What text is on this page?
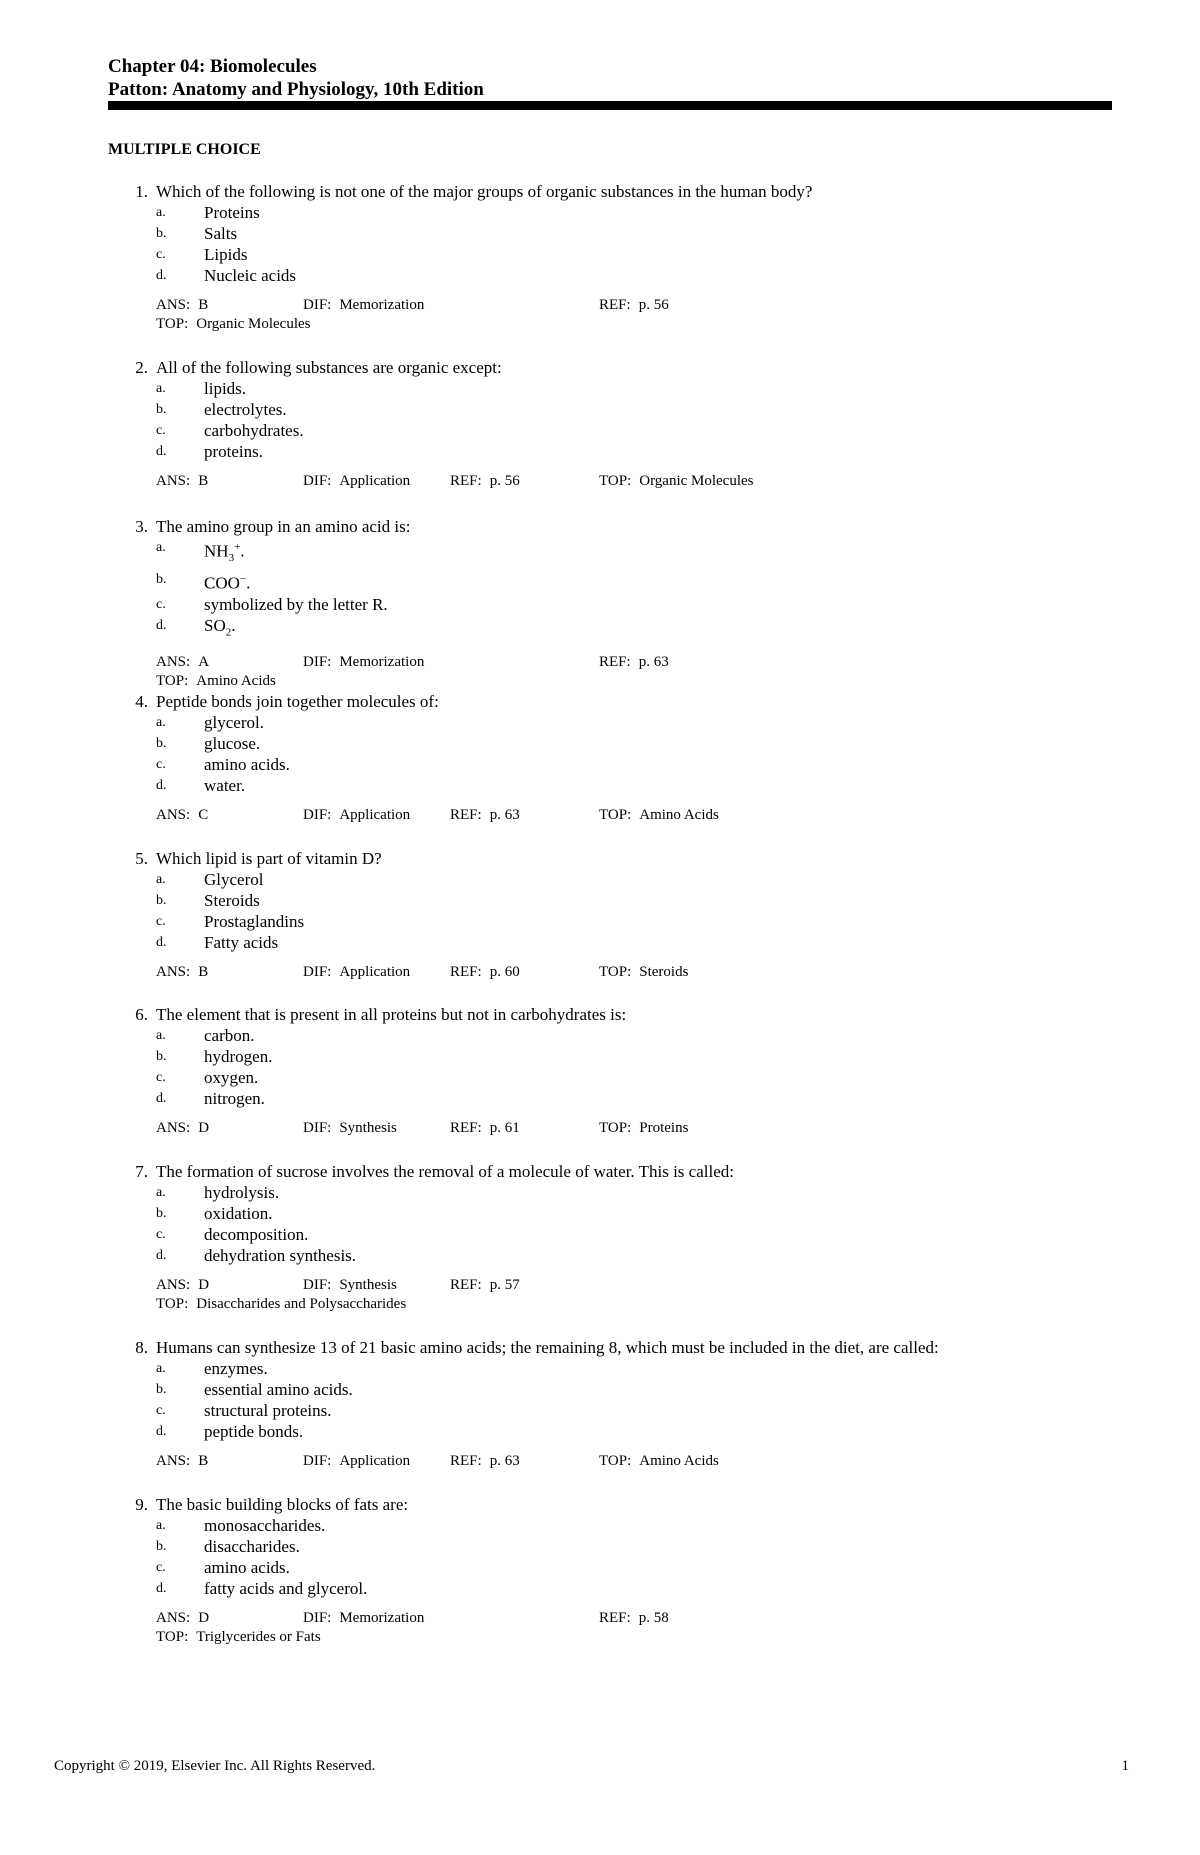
Chapter 04: Biomolecules
Patton: Anatomy and Physiology, 10th Edition
MULTIPLE CHOICE
1. Which of the following is not one of the major groups of organic substances in the human body?
a.	Proteins
b.	Salts
c.	Lipids
d.	Nucleic acids
ANS: B	DIF: Memorization	REF: p. 56
TOP: Organic Molecules
2. All of the following substances are organic except:
a.	lipids.
b.	electrolytes.
c.	carbohydrates.
d.	proteins.
ANS: B	DIF: Application	REF: p. 56	TOP: Organic Molecules
3. The amino group in an amino acid is:
a.	$NH_3^+$.
b.	COO−.
c.	symbolized by the letter R.
d.	$SO_2$.
ANS: A	DIF: Memorization	REF: p. 63
TOP: Amino Acids
4. Peptide bonds join together molecules of:
a.	glycerol.
b.	glucose.
c.	amino acids.
d.	water.
ANS: C	DIF: Application	REF: p. 63	TOP: Amino Acids
5. Which lipid is part of vitamin D?
a.	Glycerol
b.	Steroids
c.	Prostaglandins
d.	Fatty acids
ANS: B	DIF: Application	REF: p. 60	TOP: Steroids
6. The element that is present in all proteins but not in carbohydrates is:
a.	carbon.
b.	hydrogen.
c.	oxygen.
d.	nitrogen.
ANS: D	DIF: Synthesis	REF: p. 61	TOP: Proteins
7. The formation of sucrose involves the removal of a molecule of water. This is called:
a.	hydrolysis.
b.	oxidation.
c.	decomposition.
d.	dehydration synthesis.
ANS: D	DIF: Synthesis	REF: p. 57
TOP: Disaccharides and Polysaccharides
8. Humans can synthesize 13 of 21 basic amino acids; the remaining 8, which must be included in the diet, are called:
a.	enzymes.
b.	essential amino acids.
c.	structural proteins.
d.	peptide bonds.
ANS: B	DIF: Application	REF: p. 63	TOP: Amino Acids
9. The basic building blocks of fats are:
a.	monosaccharides.
b.	disaccharides.
c.	amino acids.
d.	fatty acids and glycerol.
ANS: D	DIF: Memorization	REF: p. 58
TOP: Triglycerides or Fats
Copyright © 2019, Elsevier Inc. All Rights Reserved.	1
